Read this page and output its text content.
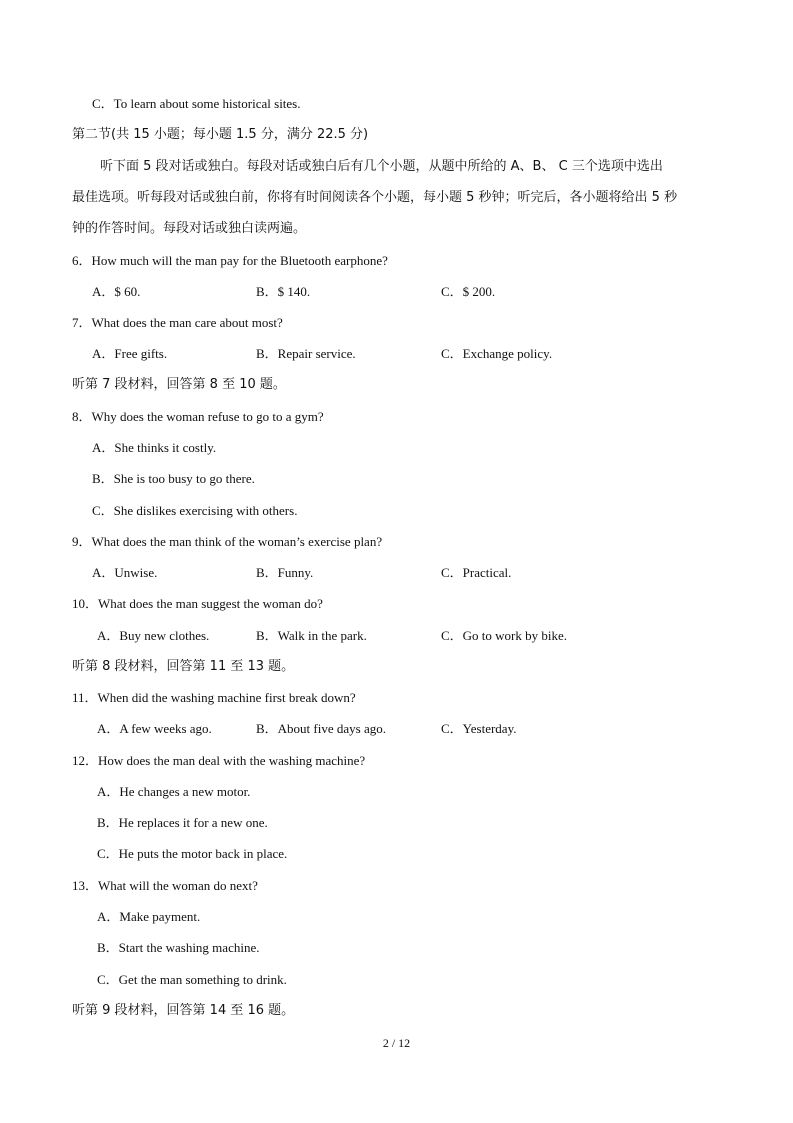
C．To learn about some historical sites.
第二节(共 15 小题；每小题 1.5 分，满分 22.5 分)
听下面 5 段对话或独白。每段对话或独白后有几个小题，从题中所给的 A、B、 C 三个选项中选出
最佳选项。听每段对话或独白前，你将有时间阅读各个小题，每小题 5 秒钟；听完后，各小题将给出 5 秒
钟的作答时间。每段对话或独白读两遍。
6．How much will the man pay for the Bluetooth earphone?
A．$ 60.	B．$ 140.	C．$ 200.
7．What does the man care about most?
A．Free gifts.	B．Repair service.	C．Exchange policy.
听第 7 段材料，回答第 8 至 10 题。
8．Why does the woman refuse to go to a gym?
A．She thinks it costly.
B．She is too busy to go there.
C．She dislikes exercising with others.
9．What does the man think of the woman’s exercise plan?
A．Unwise.	B．Funny.	C．Practical.
10．What does the man suggest the woman do?
A．Buy new clothes.	B．Walk in the park.	C．Go to work by bike.
听第 8 段材料，回答第 11 至 13 题。
11．When did the washing machine first break down?
A．A few weeks ago.	B．About five days ago.	C．Yesterday.
12．How does the man deal with the washing machine?
A．He changes a new motor.
B．He replaces it for a new one.
C．He puts the motor back in place.
13．What will the woman do next?
A．Make payment.
B．Start the washing machine.
C．Get the man something to drink.
听第 9 段材料，回答第 14 至 16 题。
2 / 12
